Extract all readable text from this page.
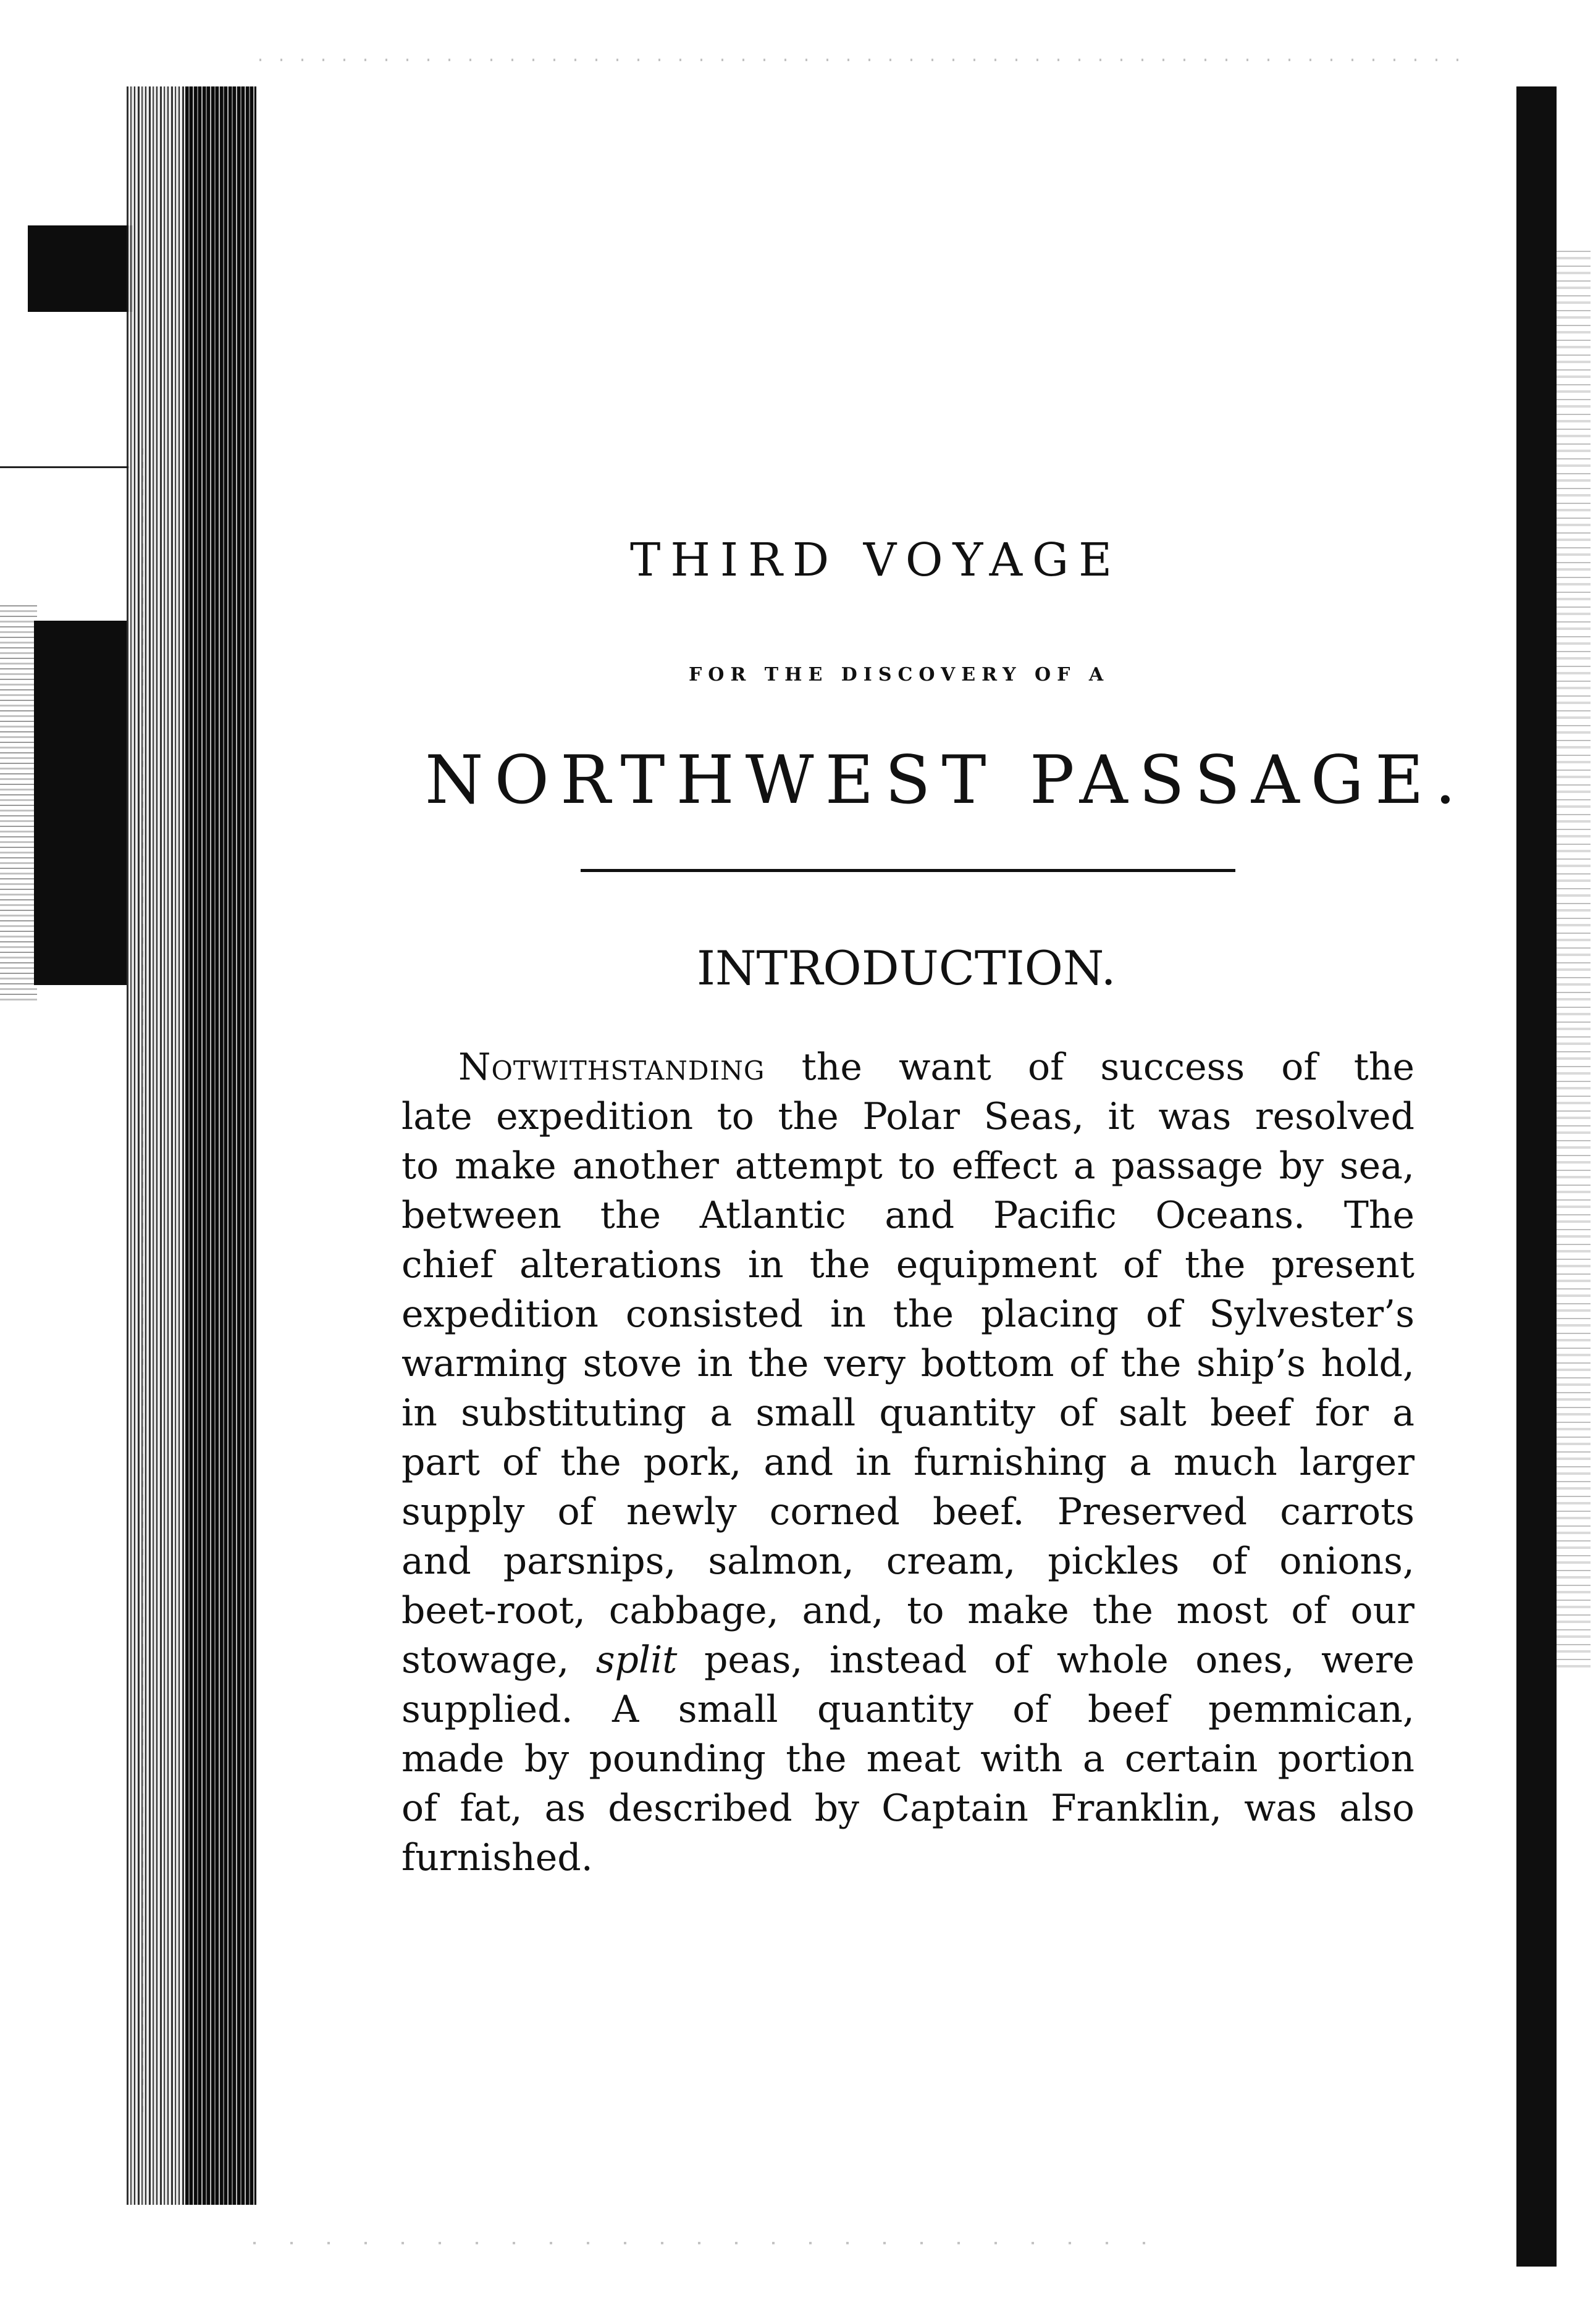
THIRD VOYAGE
FOR THE DISCOVERY OF A
NORTHWEST PASSAGE.
INTRODUCTION.
Notwithstanding the want of success of the
late expedition to the Polar Seas, it was resolved
to make another attempt to effect a passage by sea,
between the Atlantic and Pacific Oceans. The
chief alterations in the equipment of the present
expedition consisted in the placing of Sylvester’s
warming stove in the very bottom of the ship’s hold,
in substituting a small quantity of salt beef for a
part of the pork, and in furnishing a much larger
supply of newly corned beef. Preserved carrots
and parsnips, salmon, cream, pickles of onions,
beet-root, cabbage, and, to make the most of our
stowage, split peas, instead of whole ones, were
supplied. A small quantity of beef pemmican,
made by pounding the meat with a certain portion
of fat, as described by Captain Franklin, was also
furnished.
